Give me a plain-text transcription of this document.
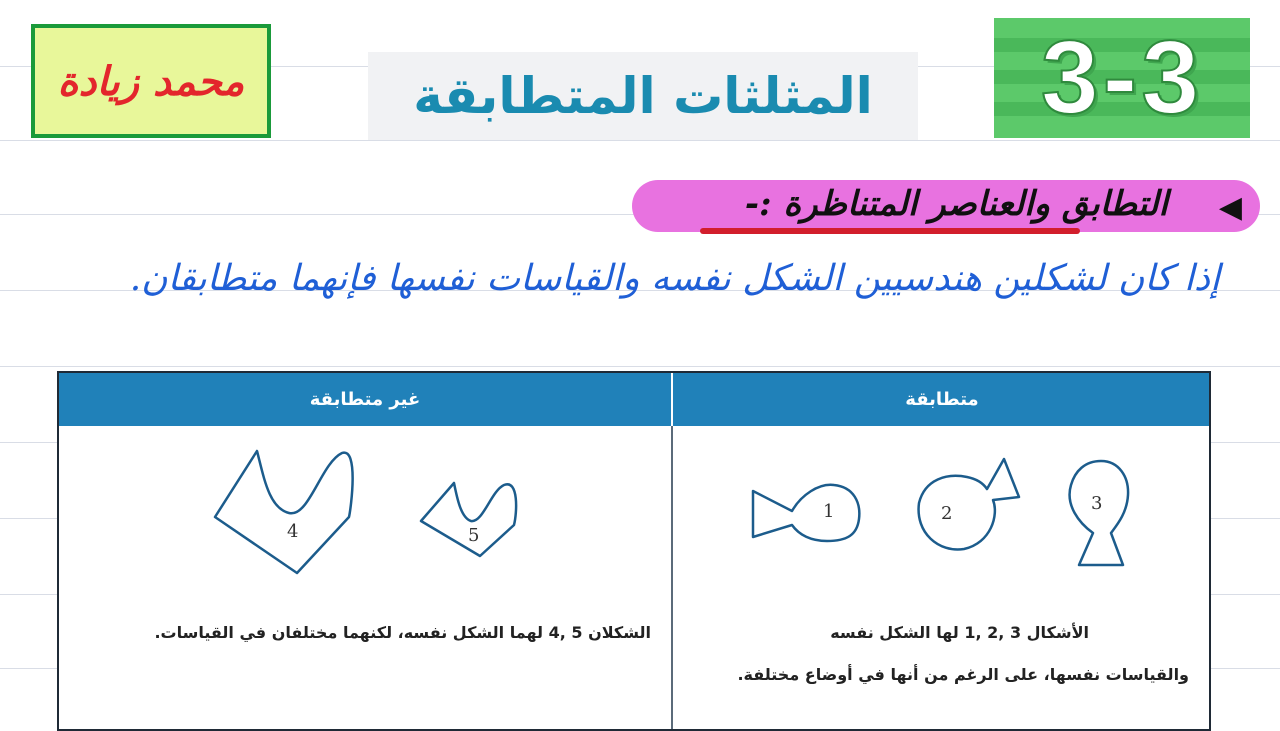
محمد زيادة	المثلثات المتطابقة 3-3
التطابق والعناصر المتناظرة :- ◀
إذا كان لشكلين هندسيين الشكل نفسه والقياسات نفسها فإنهما متطابقان.
غير متطابقة	متطابقة
4	5
1	2	3
الشكلان 5 ,4 لهما الشكل نفسه، لكنهما مختلفان في القياسات.	الأشكال 3 ,2 ,1 لها الشكل نفسه
والقياسات نفسها، على الرغم من أنها في أوضاع مختلفة.
